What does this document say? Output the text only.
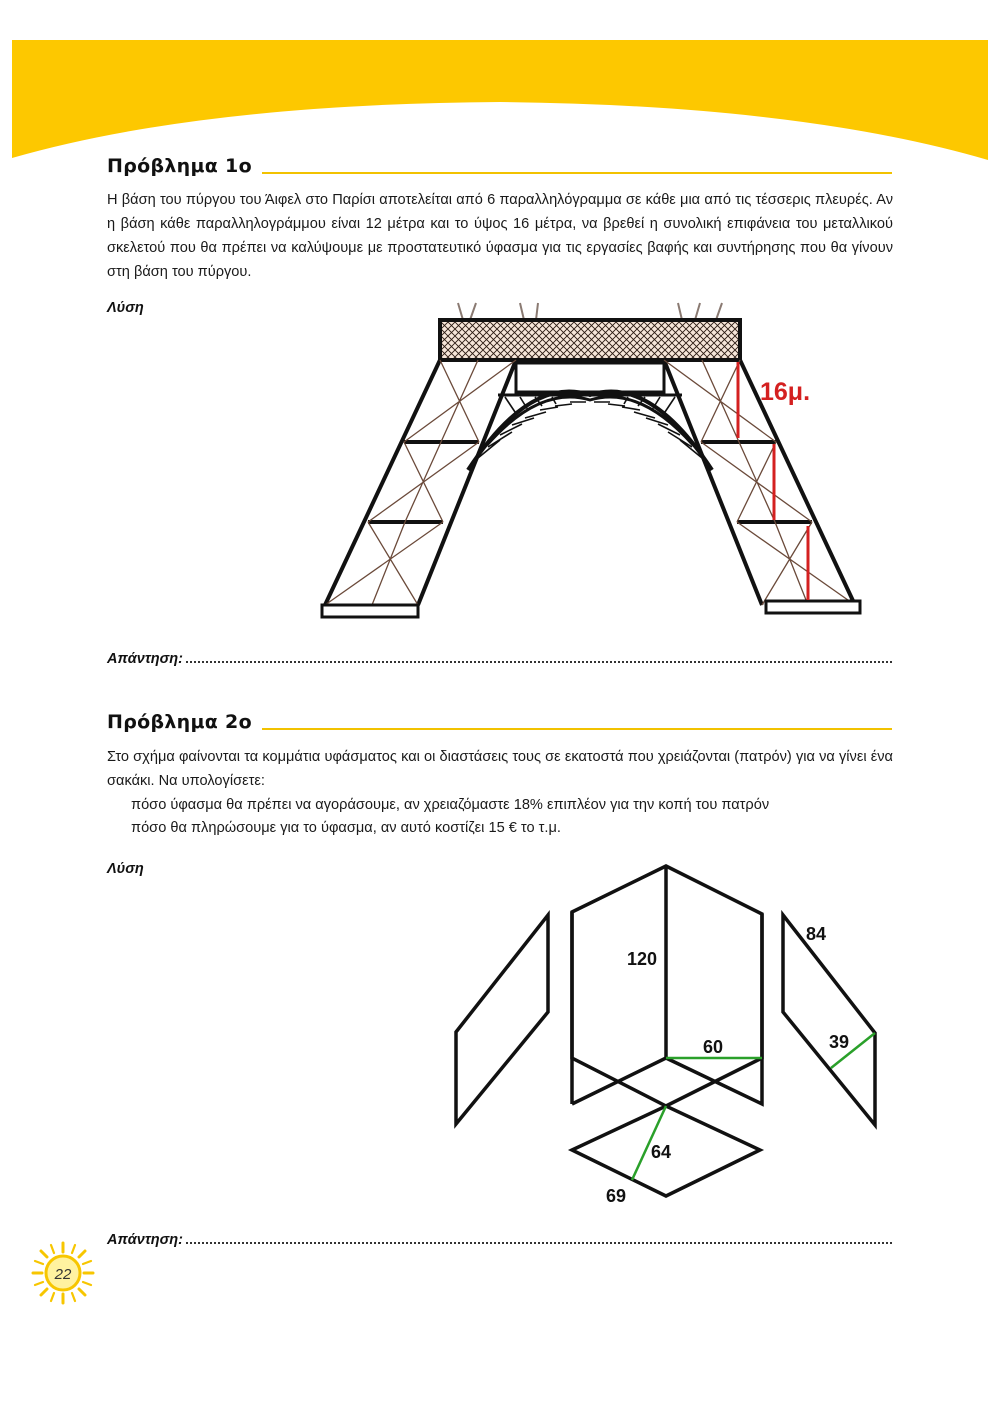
Πρόβλημα 1ο

Η βάση του πύργου του Άιφελ στο Παρίσι αποτελείται από 6 παραλληλόγραμμα σε κάθε μια από τις τέσσερις πλευρές. Αν η βάση κάθε παραλληλογράμμου είναι 12 μέτρα και το ύψος 16 μέτρα, να βρεθεί η συνολική επιφάνεια του μεταλλικού σκελετού που θα πρέπει να καλύψουμε με προστατευτικό ύφασμα για τις εργασίες βαφής και συντήρησης που θα γίνουν στη βάση του πύργου.

Λύση
16μ.
Απάντηση:
Πρόβλημα 2ο

Στο σχήμα φαίνονται τα κομμάτια υφάσματος και οι διαστάσεις τους σε εκατοστά που χρειάζονται (πατρόν) για να γίνει ένα σακάκι. Να υπολογίσετε:

πόσο ύφασμα θα πρέπει να αγοράσουμε, αν χρειαζόμαστε 18% επιπλέον για την κοπή του πατρόν
πόσο θα πληρώσουμε για το ύφασμα, αν αυτό κοστίζει 15 € το τ.μ.
Λύση
120
60
84
39
64
69
Απάντηση:
22
